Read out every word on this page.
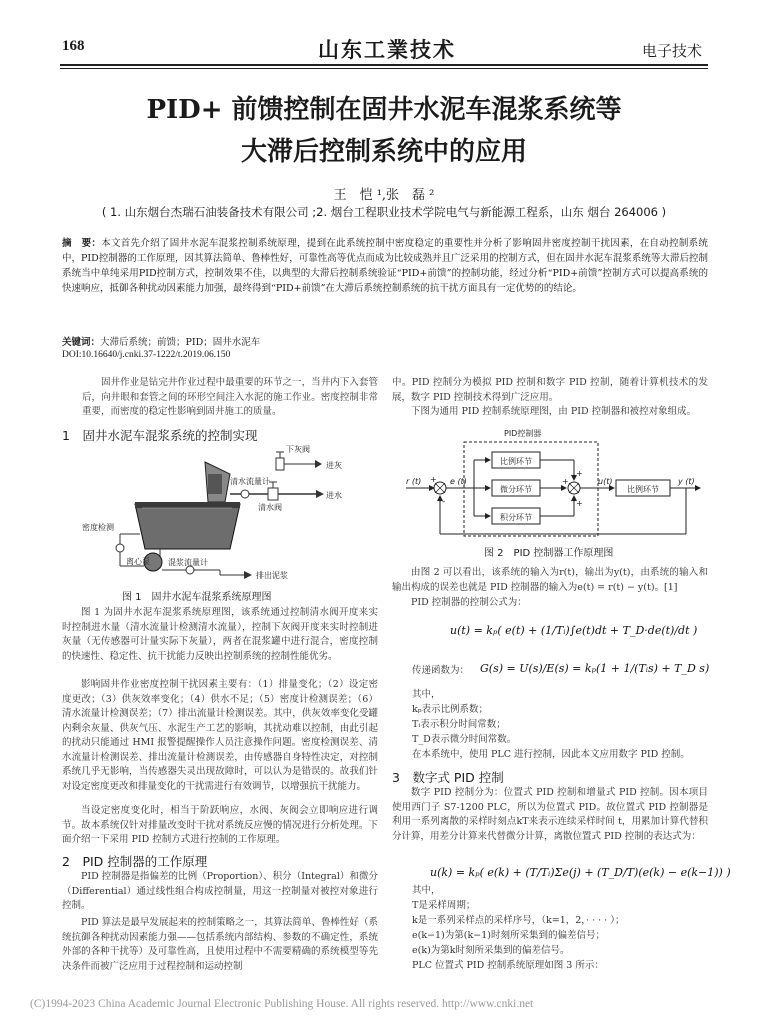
168	山东工業技术	电子技术
PID+ 前馈控制在固井水泥车混浆系统等
大滞后控制系统中的应用
王　恺 ¹,张　磊 ²
( 1. 山东烟台杰瑞石油装备技术有限公司 ;2. 烟台工程职业技术学院电气与新能源工程系，山东 烟台 264006 )
摘　要：本文首先介绍了固井水泥车混浆控制系统原理，提到在此系统控制中密度稳定的重要性并分析了影响固井密度控制干扰因素，在自动控制系统中，PID控制器的工作原理，因其算法简单、鲁棒性好，可靠性高等优点而成为比较成熟并且广泛采用的控制方式，但在固井水泥车混浆系统等大滞后控制系统当中单纯采用PID控制方式，控制效果不佳，以典型的大滞后控制系统验证“PID+前馈”的控制功能，经过分析“PID+前馈”控制方式可以提高系统的快速响应，抵御各种扰动因素能力加强，最终得到“PID+前馈”在大滞后系统控制系统的抗干扰方面具有一定优势的的结论。
关键词：大滞后系统；前馈；PID；固井水泥车
DOI:10.16640/j.cnki.37-1222/t.2019.06.150
固井作业是钻完井作业过程中最重要的环节之一，当井内下入套管后，向井眼和套管之间的环形空间注入水泥的施工作业。密度控制非常重要，而密度的稳定性影响到固井施工的质量。
1　固井水泥车混浆系统的控制实现
下灰阀
进灰
清水流量计
进水
清水阀
密度检测
离心泵 混浆流量计
排出泥浆
图 1　固井水泥车混浆系统原理图
图 1 为固井水泥车混浆系统原理图，该系统通过控制清水阀开度来实时控制进水量（清水流量计检测清水流量），控制下灰阀开度来实时控制进灰量（无传感器可计量实际下灰量），两者在混浆罐中进行混合，密度控制的快速性、稳定性、抗干扰能力反映出控制系统的控制性能优劣。
影响固井作业密度控制干扰因素主要有：（1）排量变化；（2）设定密度更改；（3）供灰效率变化；（4）供水不足；（5）密度计检测误差；（6）清水流量计检测误差；（7）排出流量计检测误差。其中，供灰效率变化受罐内剩余灰量、供灰气压、水泥生产工艺的影响，其扰动难以控制，由此引起的扰动只能通过 HMI 报警提醒操作人员注意操作问题。密度检测误差、清水流量计检测误差、排出流量计检测误差，由传感器自身特性决定，对控制系统几乎无影响，当传感器失灵出现故障时，可以认为是错误的。故我们针对设定密度更改和排量变化的干扰需进行有效调节，以增强抗干扰能力。
当设定密度变化时，相当于阶跃响应，水阀、灰阀会立即响应进行调节。故本系统仅针对排量改变时干扰对系统反应慢的情况进行分析处理。下面介绍一下采用 PID 控制方式进行控制的工作原理。
2　PID 控制器的工作原理
PID 控制器是指偏差的比例（Proportion）、积分（Integral）和微分（Differential）通过线性组合构成控制量，用这一控制量对被控对象进行控制。
PID 算法是最早发展起来的控制策略之一，其算法简单、鲁棒性好（系统抗御各种扰动因素能力强——包括系统内部结构、参数的不确定性，系统外部的各种干扰等）及可靠性高，且使用过程中不需要精确的系统模型等先决条件而被广泛应用于过程控制和运动控制
中。PID 控制分为模拟 PID 控制和数字 PID 控制，随着计算机技术的发展，数字 PID 控制技术得到广泛应用。
下图为通用 PID 控制系统原理图，由 PID 控制器和被控对象组成。
PID控制器
r (t) +
-
e (t)
比例环节
微分环节
积分环节
+
+
+
u(t)
比例环节
y (t)
图 2　PID 控制器工作原理图
由图 2 可以看出，该系统的输入为r(t)，输出为y(t)，由系统的输入和输出构成的误差也就是 PID 控制器的输入为e(t) = r(t) − y(t)。[1]
PID 控制器的控制公式为：
u(t) = kₚ( e(t) + (1/Tᵢ)∫e(t)dt + T_D·de(t)/dt )
传递函数为： G(s) = U(s)/E(s) = kₚ(1 + 1/(Tᵢs) + T_D s)
其中，
kₚ表示比例系数；
Tᵢ表示积分时间常数；
T_D表示微分时间常数。
在本系统中，使用 PLC 进行控制，因此本文应用数字 PID 控制。
3　数字式 PID 控制
数字 PID 控制分为：位置式 PID 控制和增量式 PID 控制。因本项目使用西门子 S7-1200 PLC，所以为位置式 PID。故位置式 PID 控制器是利用一系列离散的采样时刻点kT来表示连续采样时间 t，用累加计算代替积分计算，用差分计算来代替微分计算，离散位置式 PID 控制的表达式为：
u(k) = kₚ( e(k) + (T/Tᵢ)Σe(j) + (T_D/T)(e(k) − e(k−1)) )
其中，
T是采样周期；
k是一系列采样点的采样序号，（k=1，2，· · · · ）；
e(k−1)为第(k−1)时刻所采集到的偏差信号；
e(k)为第k时刻所采集到的偏差信号。
PLC 位置式 PID 控制系统原理如图 3 所示：
(C)1994-2023 China Academic Journal Electronic Publishing House. All rights reserved. http://www.cnki.net
